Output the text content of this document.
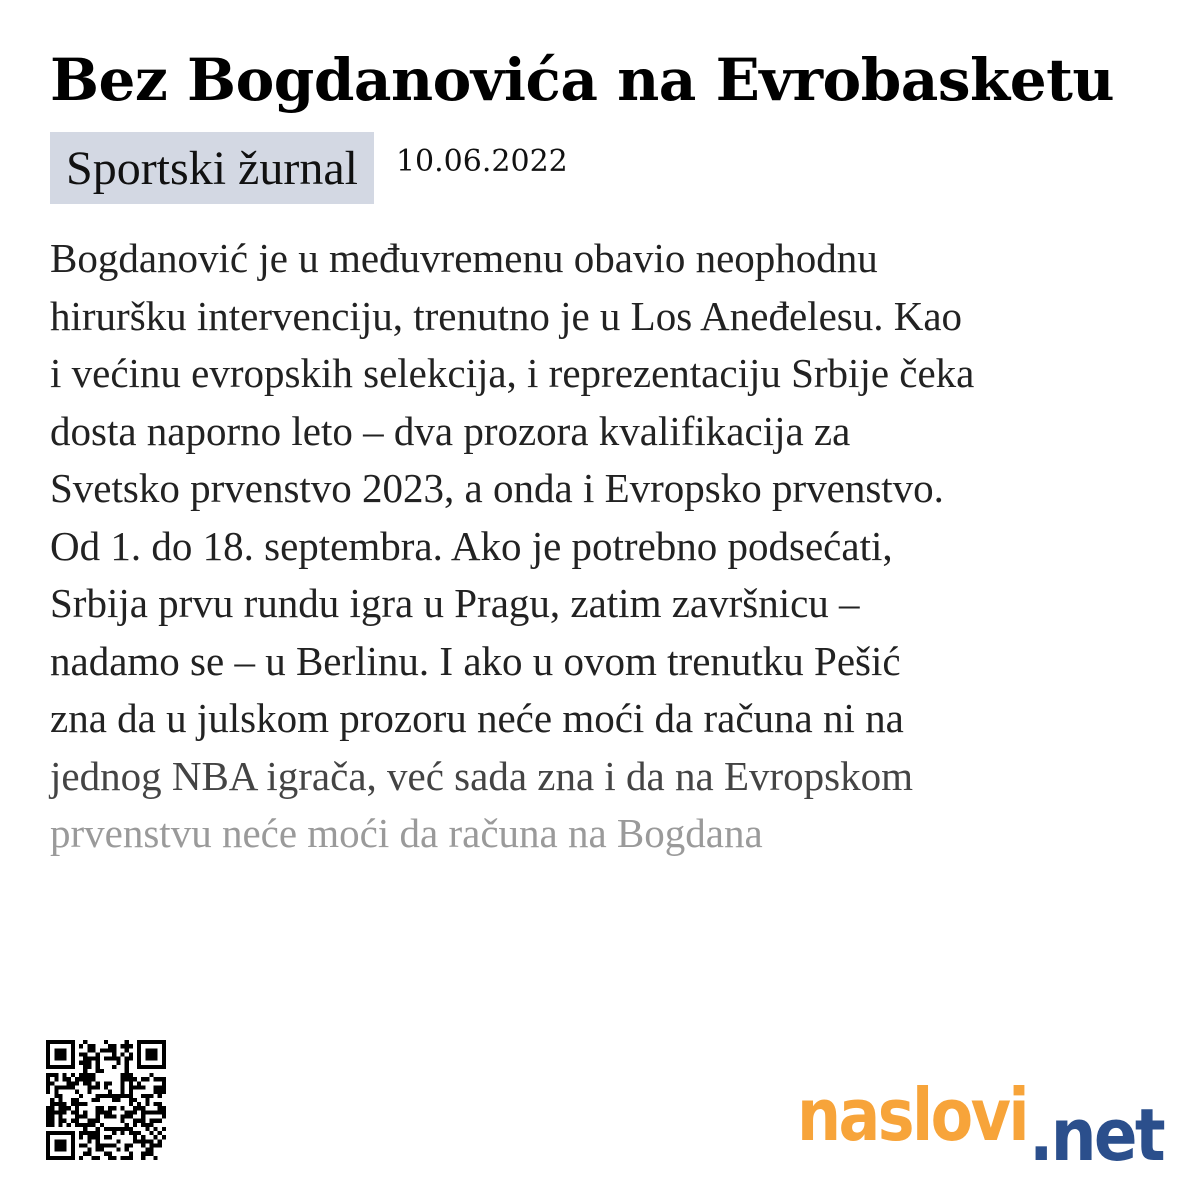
Bez Bogdanovića na Evrobasketu
Sportski žurnal	10.06.2022
Bogdanović je u međuvremenu obavio neophodnu
hiruršku intervenciju, trenutno je u Los Anеđelesu. Kao
i većinu evropskih selekcija, i reprezentaciju Srbije čeka
dosta naporno leto – dva prozora kvalifikacija za
Svetsko prvenstvo 2023, a onda i Evropsko prvenstvo.
Od 1. do 18. septembra. Ako je potrebno podsećati,
Srbija prvu rundu igra u Pragu, zatim završnicu –
nadamo se – u Berlinu. I ako u ovom trenutku Pešić
zna da u julskom prozoru neće moći da računa ni na
jednog NBA igrača, već sada zna i da na Evropskom
prvenstvu neće moći da računa na Bogdana
naslovi .net
